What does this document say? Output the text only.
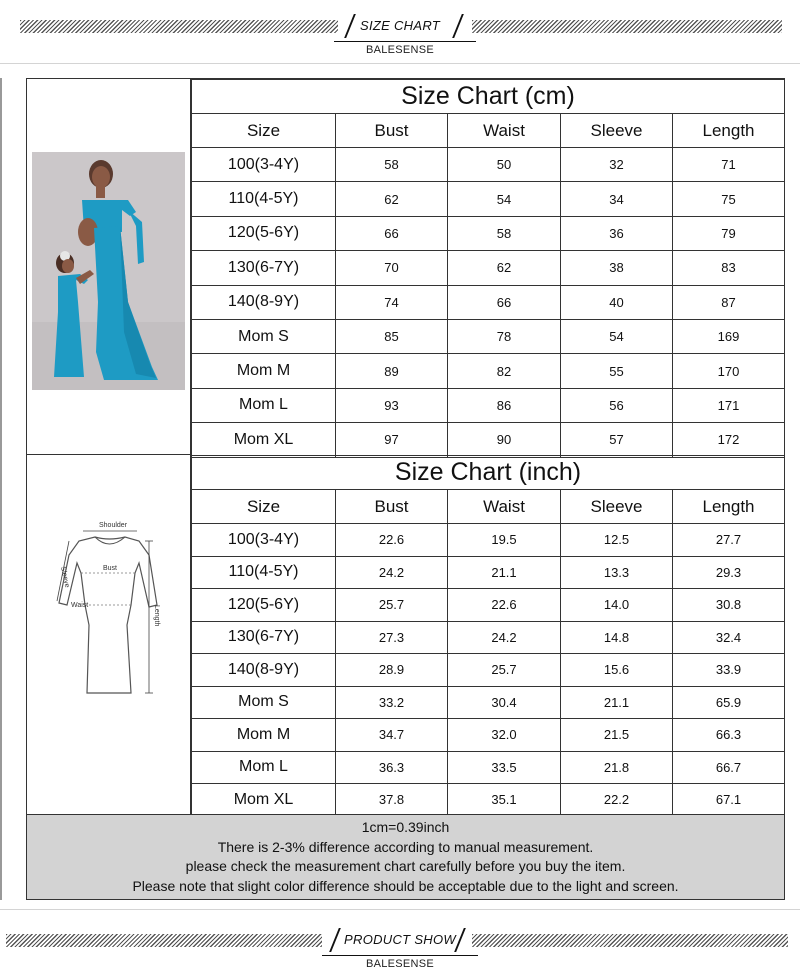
SIZE CHART
BALESENSE
Shoulder
Bust
Waist
Sleeve
Length
Size Chart (cm)				
Size	Bust	Waist	Sleeve	Length
100(3-4Y)	58	50	32	71
110(4-5Y)	62	54	34	75
120(5-6Y)	66	58	36	79
130(6-7Y)	70	62	38	83
140(8-9Y)	74	66	40	87
Mom S	85	78	54	169
Mom M	89	82	55	170
Mom L	93	86	56	171
Mom XL	97	90	57	172
Size Chart (inch)				
Size	Bust	Waist	Sleeve	Length
100(3-4Y)	22.6	19.5	12.5	27.7
110(4-5Y)	24.2	21.1	13.3	29.3
120(5-6Y)	25.7	22.6	14.0	30.8
130(6-7Y)	27.3	24.2	14.8	32.4
140(8-9Y)	28.9	25.7	15.6	33.9
Mom S	33.2	30.4	21.1	65.9
Mom M	34.7	32.0	21.5	66.3
Mom L	36.3	33.5	21.8	66.7
Mom XL	37.8	35.1	22.2	67.1
1cm=0.39inch
There is 2-3% difference according to manual measurement.
please check the measurement chart carefully before you buy the item.
Please note that slight color difference should be acceptable due to the light and screen.
PRODUCT SHOW
BALESENSE
